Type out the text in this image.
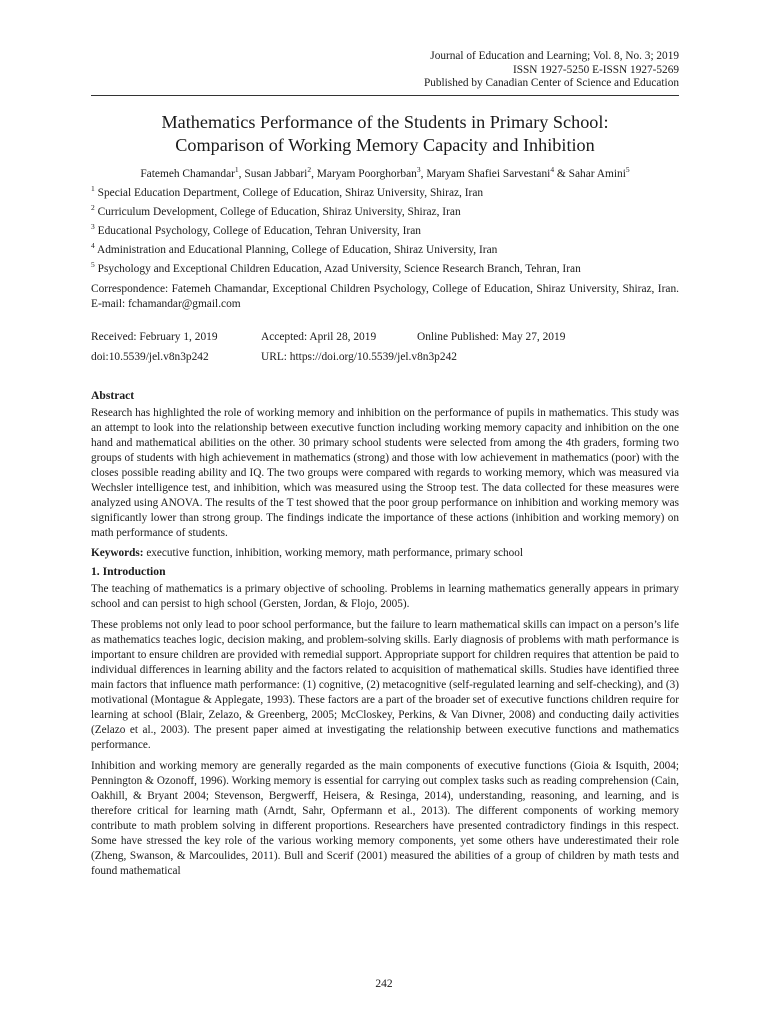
Journal of Education and Learning; Vol. 8, No. 3; 2019
ISSN 1927-5250 E-ISSN 1927-5269
Published by Canadian Center of Science and Education
Mathematics Performance of the Students in Primary School:
Comparison of Working Memory Capacity and Inhibition
Fatemeh Chamandar$^1$, Susan Jabbari$^2$, Maryam Poorghorban$^3$, Maryam Shafiei Sarvestani$^4$ & Sahar Amini$^5$
$^1$ Special Education Department, College of Education, Shiraz University, Shiraz, Iran
$^2$ Curriculum Development, College of Education, Shiraz University, Shiraz, Iran
$^3$ Educational Psychology, College of Education, Tehran University, Iran
$^4$ Administration and Educational Planning, College of Education, Shiraz University, Iran
$^5$ Psychology and Exceptional Children Education, Azad University, Science Research Branch, Tehran, Iran
Correspondence: Fatemeh Chamandar, Exceptional Children Psychology, College of Education, Shiraz University, Shiraz, Iran. E-mail: fchamandar@gmail.com
Received: February 1, 2019	Accepted: April 28, 2019	Online Published: May 27, 2019
doi:10.5539/jel.v8n3p242	URL: https://doi.org/10.5539/jel.v8n3p242
Abstract

Research has highlighted the role of working memory and inhibition on the performance of pupils in mathematics. This study was an attempt to look into the relationship between executive function including working memory capacity and inhibition on the one hand and mathematical abilities on the other. 30 primary school students were selected from among the 4th graders, forming two groups of students with high achievement in mathematics (strong) and those with low achievement in mathematics (poor) with the closes possible reading ability and IQ. The two groups were compared with regards to working memory, which was measured via Wechsler intelligence test, and inhibition, which was measured using the Stroop test. The data collected for these measures were analyzed using ANOVA. The results of the T test showed that the poor group performance on inhibition and working memory was significantly lower than strong group. The findings indicate the importance of these actions (inhibition and working memory) on math performance of students.

Keywords: executive function, inhibition, working memory, math performance, primary school
1. Introduction

The teaching of mathematics is a primary objective of schooling. Problems in learning mathematics generally appears in primary school and can persist to high school (Gersten, Jordan, & Flojo, 2005).

These problems not only lead to poor school performance, but the failure to learn mathematical skills can impact on a person’s life as mathematics teaches logic, decision making, and problem-solving skills. Early diagnosis of problems with math performance is important to ensure children are provided with remedial support. Appropriate support for children requires that attention be paid to individual differences in learning ability and the factors related to acquisition of mathematical skills. Studies have identified three main factors that influence math performance: (1) cognitive, (2) metacognitive (self-regulated learning and self-checking), and (3) motivational (Montague & Applegate, 1993). These factors are a part of the broader set of executive functions children require for learning at school (Blair, Zelazo, & Greenberg, 2005; McCloskey, Perkins, & Van Divner, 2008) and conducting daily activities (Zelazo et al., 2003). The present paper aimed at investigating the relationship between executive functions and mathematics performance.

Inhibition and working memory are generally regarded as the main components of executive functions (Gioia & Isquith, 2004; Pennington & Ozonoff, 1996). Working memory is essential for carrying out complex tasks such as reading comprehension (Cain, Oakhill, & Bryant 2004; Stevenson, Bergwerff, Heisera, & Resinga, 2014), understanding, reasoning, and learning, and is therefore critical for learning math (Arndt, Sahr, Opfermann et al., 2013). The different components of working memory contribute to math problem solving in different proportions. Researchers have presented contradictory findings in this respect. Some have stressed the key role of the various working memory components, yet some others have underestimated their role (Zheng, Swanson, & Marcoulides, 2011). Bull and Scerif (2001) measured the abilities of a group of children by math tests and found mathematical

242
